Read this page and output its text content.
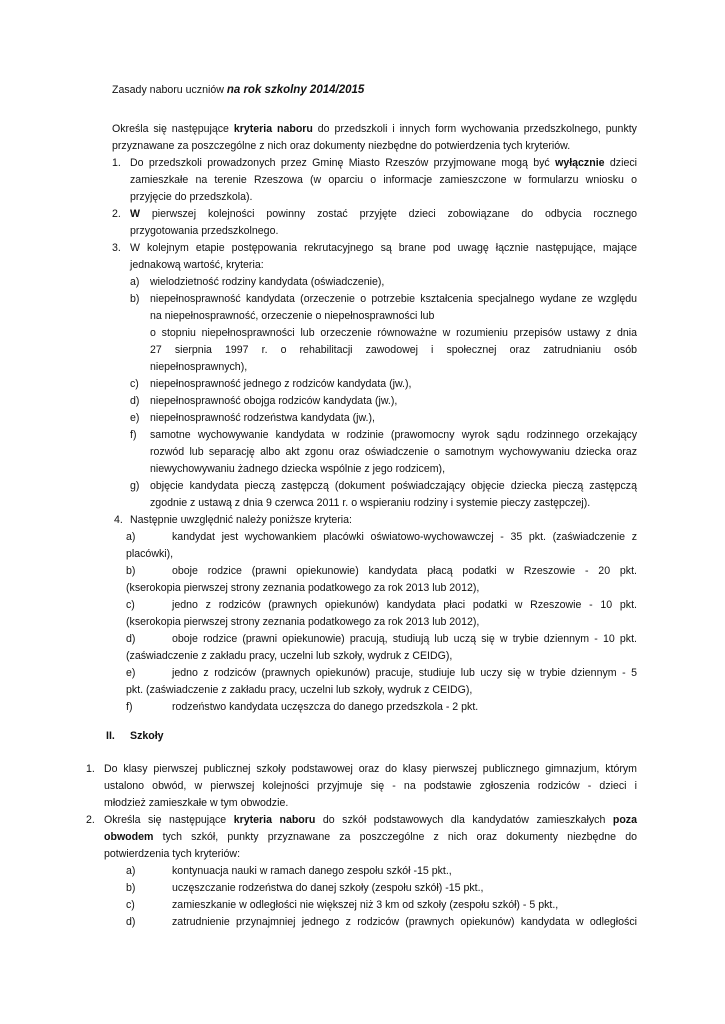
Zasady naboru uczniów na rok szkolny 2014/2015
Określa się następujące kryteria naboru do przedszkoli i innych form wychowania przedszkolnego, punkty
przyznawane za poszczególne z nich oraz dokumenty niezbędne do potwierdzenia tych kryteriów.
1. Do przedszkoli prowadzonych przez Gminę Miasto Rzeszów przyjmowane mogą być wyłącznie dzieci
zamieszkałe na terenie Rzeszowa (w oparciu o informacje zamieszczone w formularzu wniosku o
przyjęcie do przedszkola).
2. W pierwszej kolejności powinny zostać przyjęte dzieci zobowiązane do odbycia rocznego
przygotowania przedszkolnego.
3. W kolejnym etapie postępowania rekrutacyjnego są brane pod uwagę łącznie następujące, mające
jednakową wartość, kryteria:
a) wielodzietność rodziny kandydata (oświadczenie),
b) niepełnosprawność kandydata (orzeczenie o potrzebie kształcenia specjalnego wydane ze względu
na niepełnosprawność, orzeczenie o niepełnosprawności lub
o stopniu niepełnosprawności lub orzeczenie równoważne w rozumieniu przepisów ustawy z dnia
27 sierpnia 1997 r. o rehabilitacji zawodowej i społecznej oraz zatrudnianiu osób
niepełnosprawnych),
c) niepełnosprawność jednego z rodziców kandydata (jw.),
d) niepełnosprawność obojga rodziców kandydata (jw.),
e) niepełnosprawność rodzeństwa kandydata (jw.),
f) samotne wychowywanie kandydata w rodzinie (prawomocny wyrok sądu rodzinnego orzekający
rozwód lub separację albo akt zgonu oraz oświadczenie o samotnym wychowywaniu dziecka oraz
niewychowywaniu żadnego dziecka wspólnie z jego rodzicem),
g) objęcie kandydata pieczą zastępczą (dokument poświadczający objęcie dziecka pieczą zastępczą
zgodnie z ustawą z dnia 9 czerwca 2011 r. o wspieraniu rodziny i systemie pieczy zastępczej).
4. Następnie uwzględnić należy poniższe kryteria:
a)	kandydat jest wychowankiem placówki oświatowo-wychowawczej - 35 pkt. (zaświadczenie z
placówki),
b)	oboje rodzice (prawni opiekunowie) kandydata płacą podatki w Rzeszowie - 20 pkt.
(kserokopia pierwszej strony zeznania podatkowego za rok 2013 lub 2012),
c)	jedno z rodziców (prawnych opiekunów) kandydata płaci podatki w Rzeszowie - 10 pkt.
(kserokopia pierwszej strony zeznania podatkowego za rok 2013 lub 2012),
d)	oboje rodzice (prawni opiekunowie) pracują, studiują lub uczą się w trybie dziennym - 10 pkt.
(zaświadczenie z zakładu pracy, uczelni lub szkoły, wydruk z CEIDG),
e)	jedno z rodziców (prawnych opiekunów) pracuje, studiuje lub uczy się w trybie dziennym - 5
pkt. (zaświadczenie z zakładu pracy, uczelni lub szkoły, wydruk z CEIDG),
f)	rodzeństwo kandydata uczęszcza do danego przedszkola - 2 pkt.
II. Szkoły
1. Do klasy pierwszej publicznej szkoły podstawowej oraz do klasy pierwszej publicznego gimnazjum, którym
ustalono obwód, w pierwszej kolejności przyjmuje się - na podstawie zgłoszenia rodziców - dzieci i
młodzież zamieszkałe w tym obwodzie.
2. Określa się następujące kryteria naboru do szkół podstawowych dla kandydatów zamieszkałych poza
obwodem tych szkół, punkty przyznawane za poszczególne z nich oraz dokumenty niezbędne do
potwierdzenia tych kryteriów:
a)	kontynuacja nauki w ramach danego zespołu szkół -15 pkt.,
b)	uczęszczanie rodzeństwa do danej szkoły (zespołu szkół) -15 pkt.,
c)	zamieszkanie w odległości nie większej niż 3 km od szkoły (zespołu szkół) - 5 pkt.,
d)	zatrudnienie przynajmniej jednego z rodziców (prawnych opiekunów) kandydata w odległości
